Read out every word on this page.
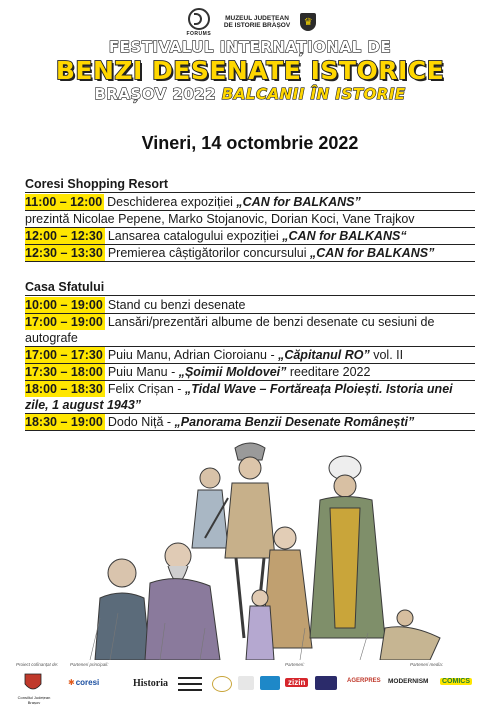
FORUMS
MUZEUL JUDEȚEAN
DE ISTORIE BRAȘOV	♛
FESTIVALUL INTERNAȚIONAL DE
BENZI DESENATE ISTORICE
BRAȘOV 2022 BALCANII ÎN ISTORIE
Vineri, 14 octombrie 2022
Coresi Shopping Resort
11:00 – 12:00 Deschiderea expoziției „CAN for BALKANS”
prezintă Nicolae Pepene, Marko Stojanovic, Dorian Koci, Vane Trajkov
12:00 – 12:30 Lansarea catalogului expoziției „CAN for BALKANS“
12:30 – 13:30 Premierea câștigătorilor concursului „CAN for BALKANS”
Casa Sfatului
10:00 – 19:00 Stand cu benzi desenate
17:00 – 19:00 Lansări/prezentări albume de benzi desenate cu sesiuni de autografe
17:00 – 17:30 Puiu Manu, Adrian Cioroianu - „Căpitanul RO” vol. II
17:30 – 18:00 Puiu Manu - „Șoimii Moldovei” reeditare 2022
18:00 – 18:30 Felix Crișan - „Tidal Wave – Fortăreața Ploiești. Istoria unei zile, 1 august 1943”
18:30 – 19:00 Dodo Niță - „Panorama Benzii Desenate Românești”
Proiect cofinanțat de:	Parteneri principali:	Parteneri:	Parteneri media:
Consiliul Județean Brașov
✱ coresi	Historia	zizin	AGERPRES MODERNISM COMICS
